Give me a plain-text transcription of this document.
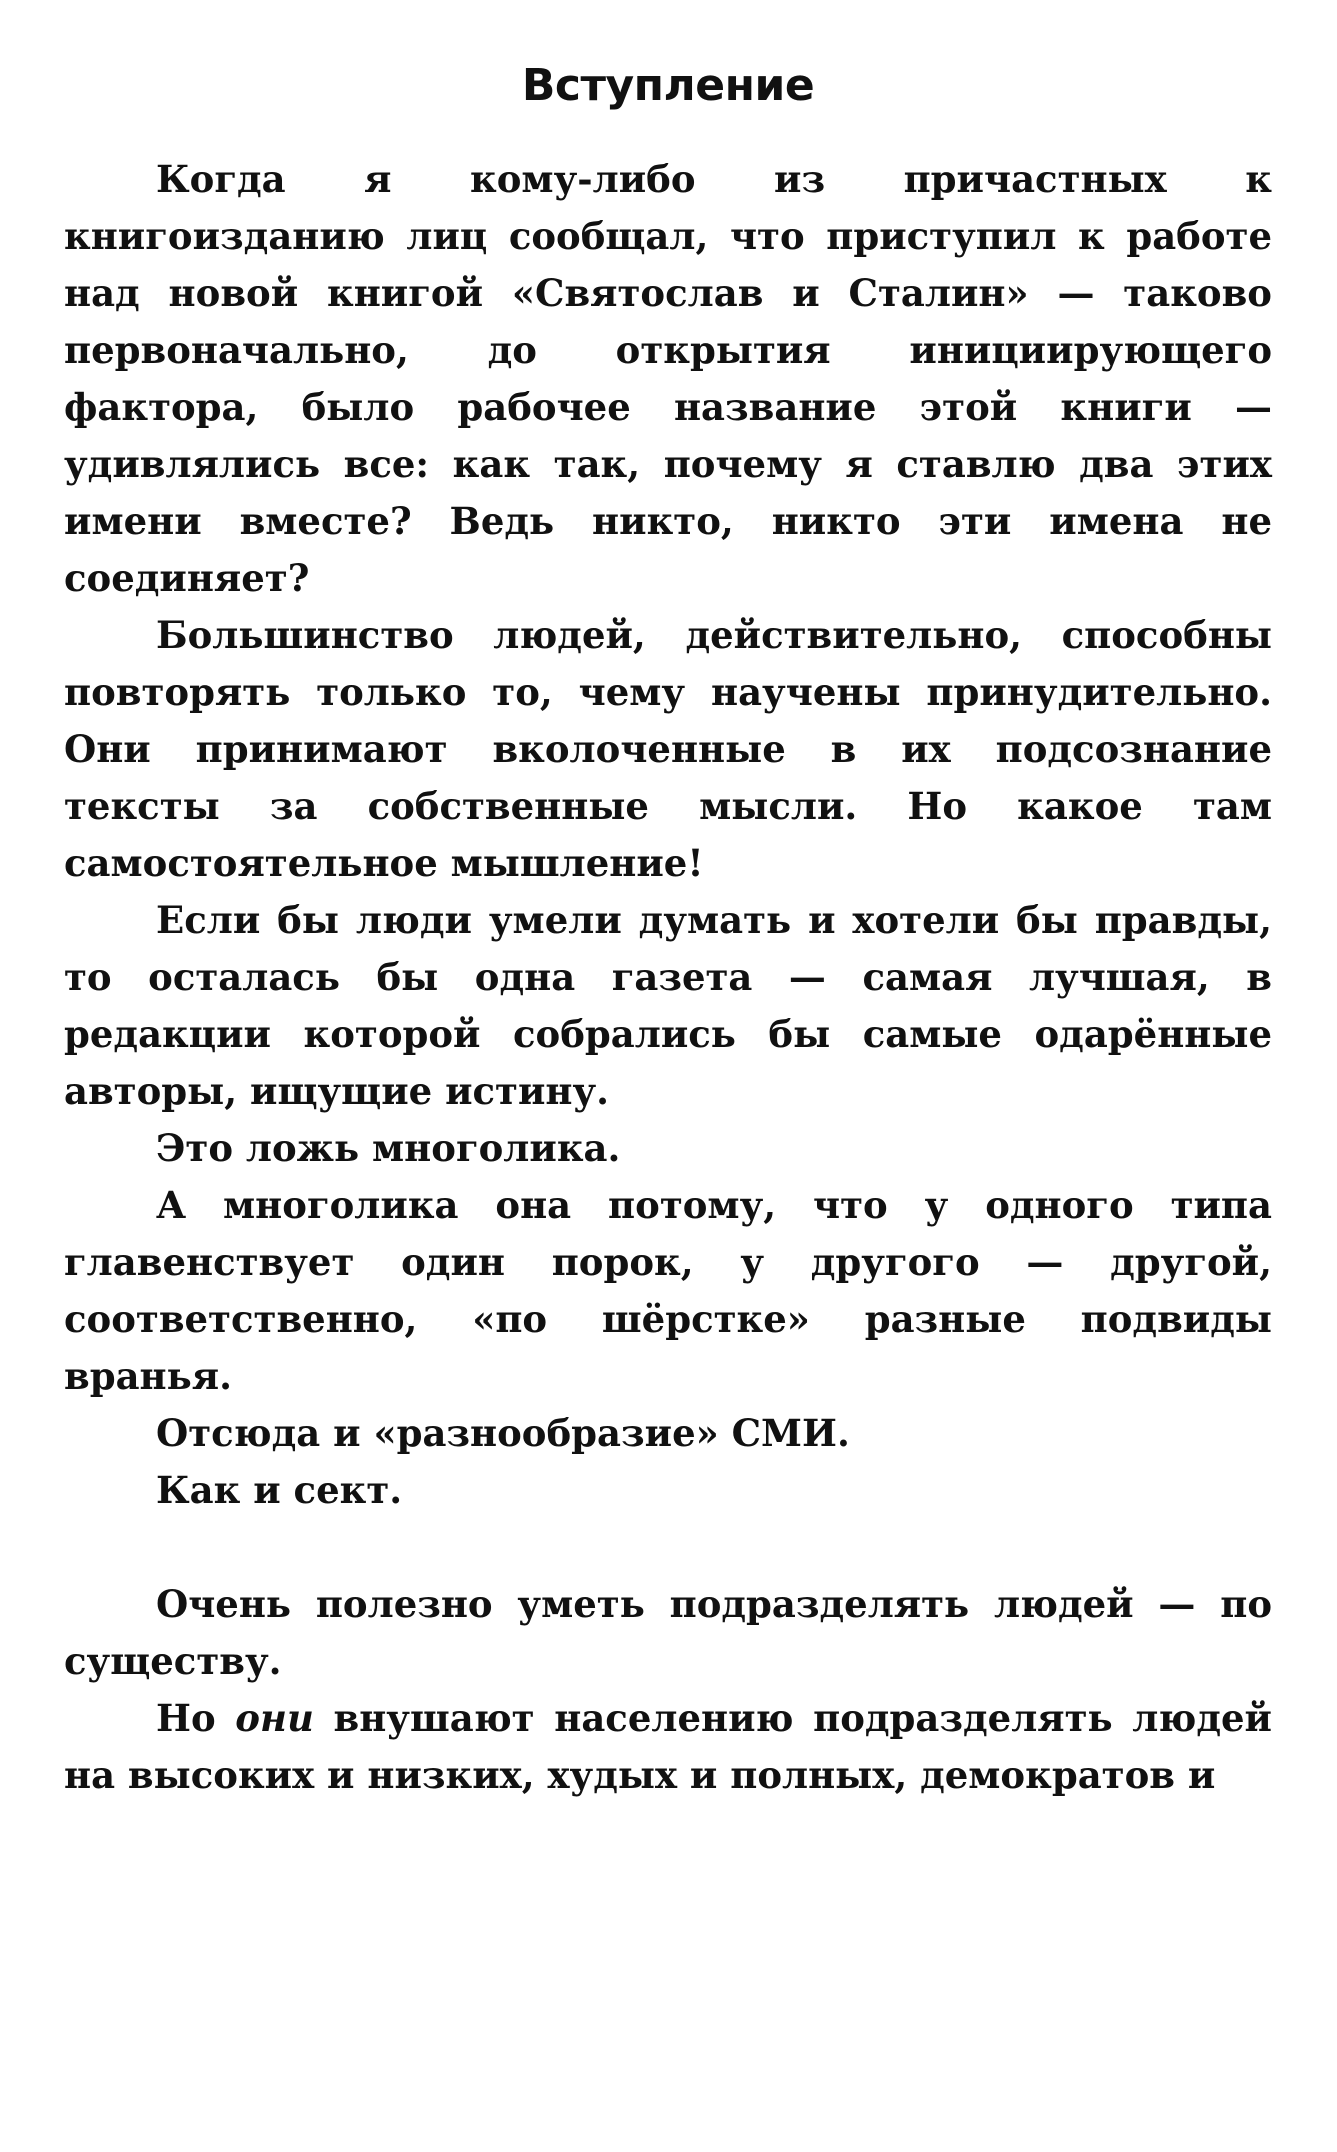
Вступление

Когда я кому-либо из причастных к книгоизданию лиц сообщал, что приступил к работе над новой книгой «Святослав и Сталин» — таково первоначально, до открытия инициирующего фактора, было рабочее название этой книги — удивлялись все: как так, почему я ставлю два этих имени вместе? Ведь никто, никто эти имена не соединяет?

Большинство людей, действительно, способны повторять только то, чему научены принудительно. Они принимают вколоченные в их подсознание тексты за собственные мысли. Но какое там самостоятельное мышление!

Если бы люди умели думать и хотели бы правды, то осталась бы одна газета — самая лучшая, в редакции которой собрались бы самые одарённые авторы, ищущие истину.

Это ложь многолика.

А многолика она потому, что у одного типа главенствует один порок, у другого — другой, соответственно, «по шёрстке» разные подвиды вранья.

Отсюда и «разнообразие» СМИ.

Как и сект.

Очень полезно уметь подразделять людей — по существу.

Но они внушают населению подразделять людей на высоких и низких, худых и полных, демократов и
